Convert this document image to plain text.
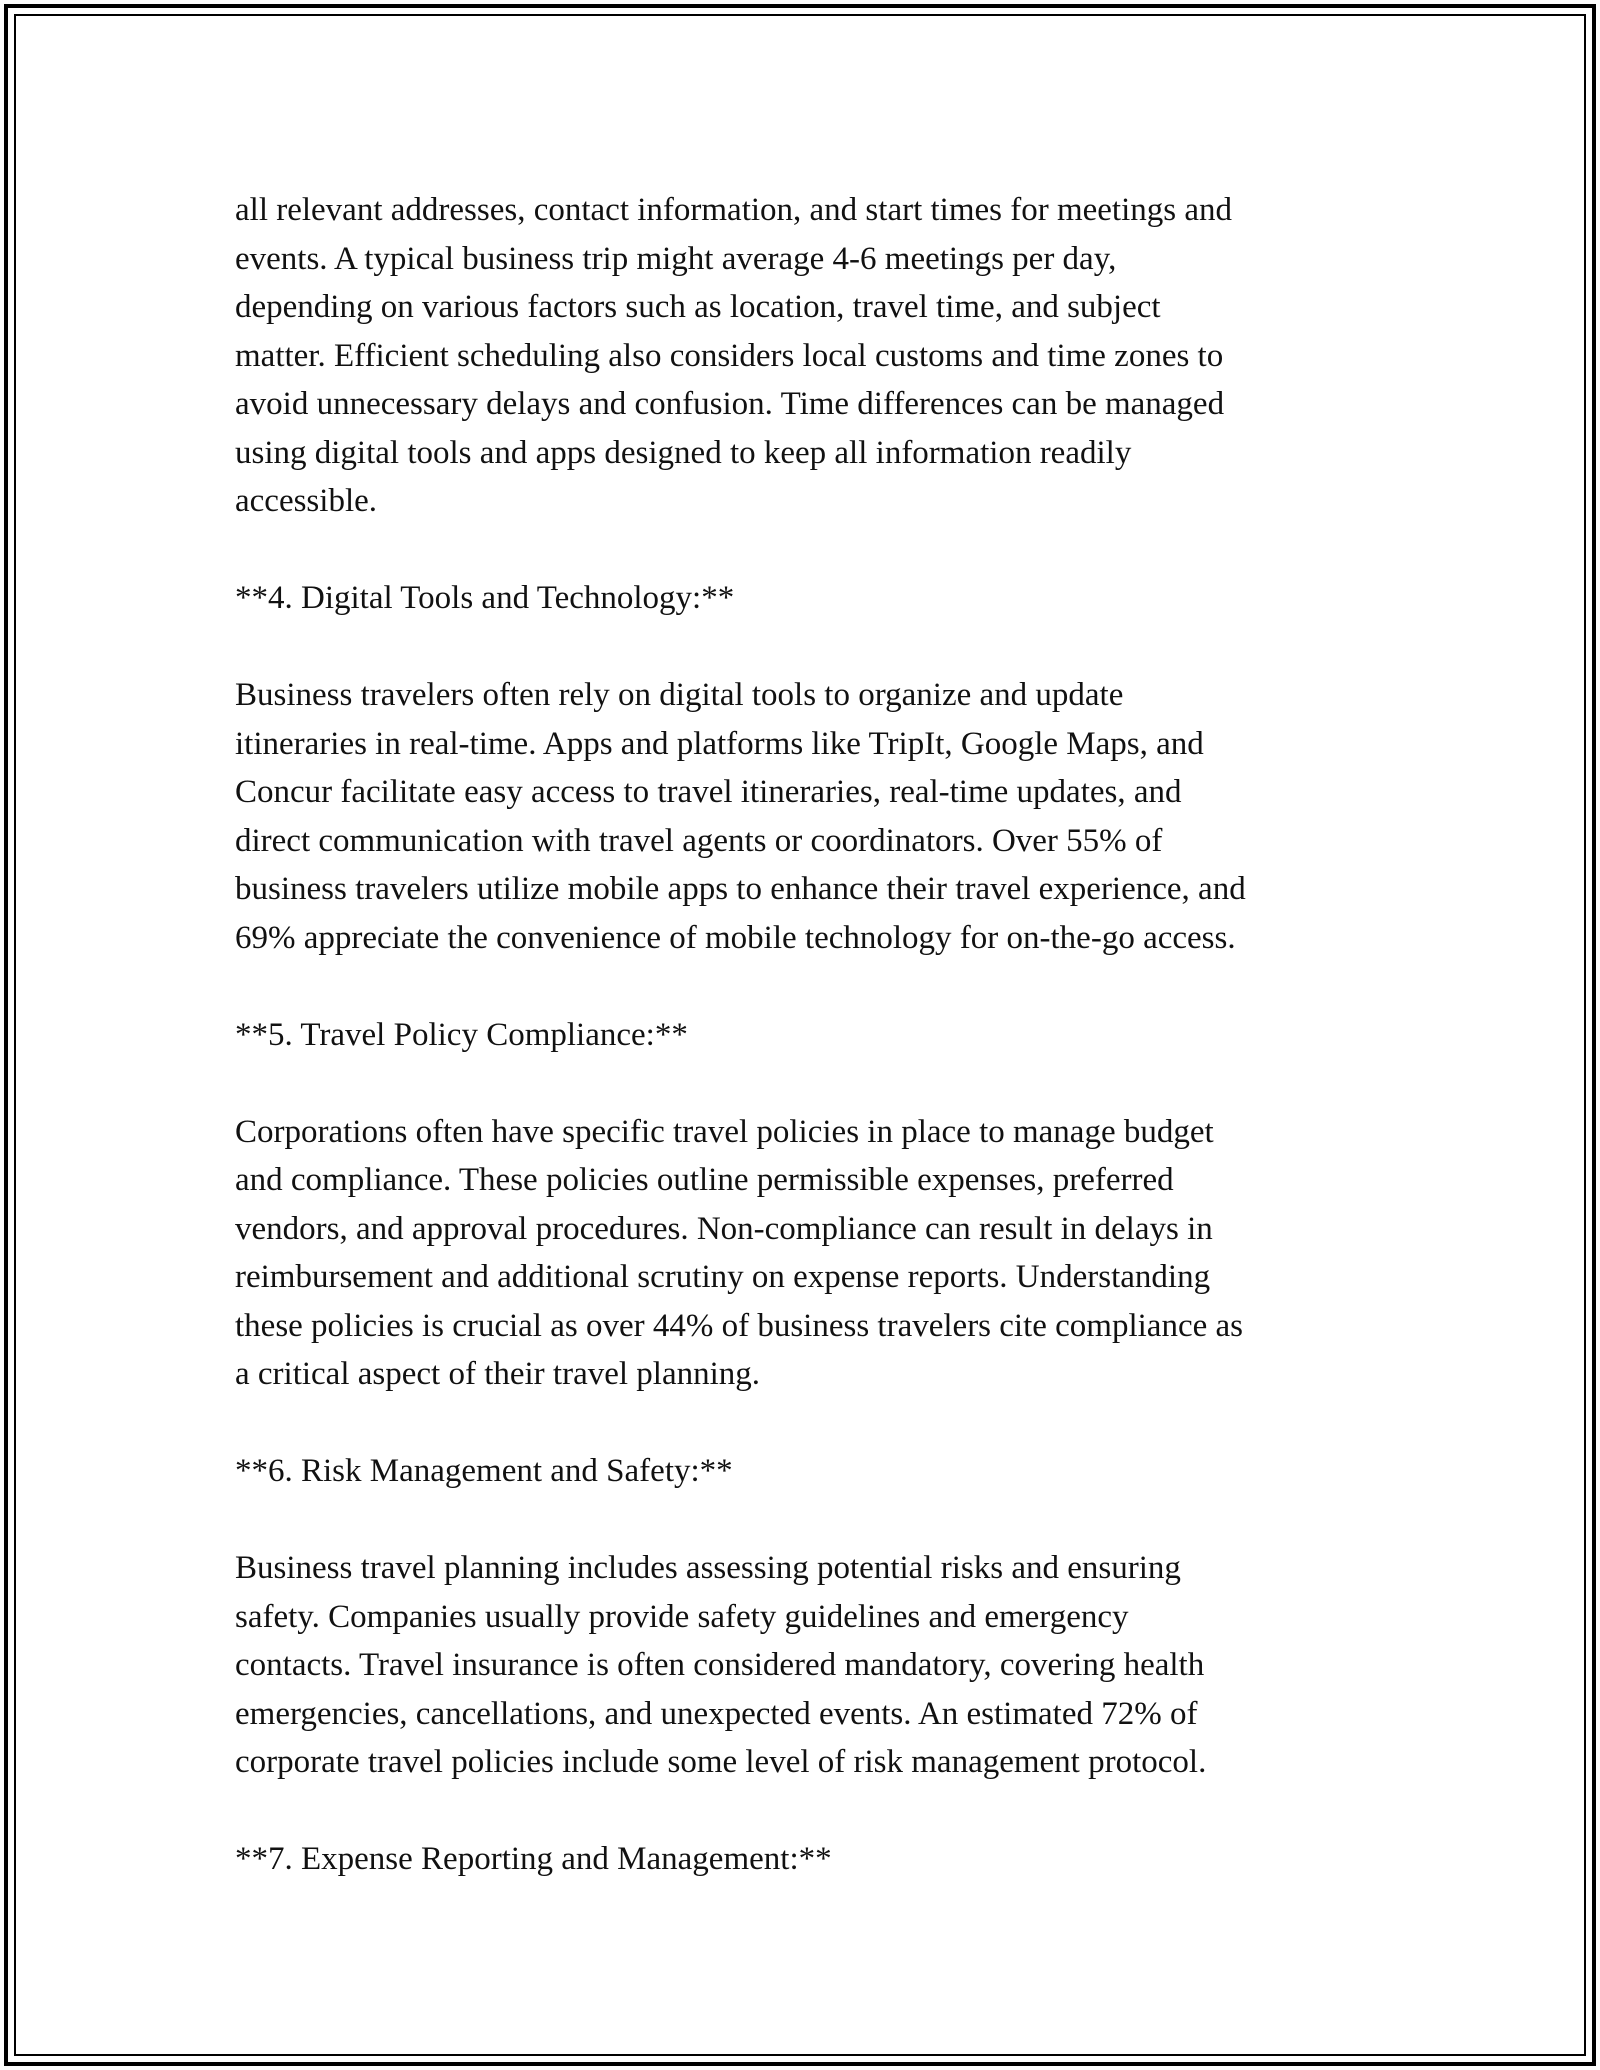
all relevant addresses, contact information, and start times for meetings and
events. A typical business trip might average 4-6 meetings per day,
depending on various factors such as location, travel time, and subject
matter. Efficient scheduling also considers local customs and time zones to
avoid unnecessary delays and confusion. Time differences can be managed
using digital tools and apps designed to keep all information readily
accessible.

**4. Digital Tools and Technology:**

Business travelers often rely on digital tools to organize and update
itineraries in real-time. Apps and platforms like TripIt, Google Maps, and
Concur facilitate easy access to travel itineraries, real-time updates, and
direct communication with travel agents or coordinators. Over 55% of
business travelers utilize mobile apps to enhance their travel experience, and
69% appreciate the convenience of mobile technology for on-the-go access.

**5. Travel Policy Compliance:**

Corporations often have specific travel policies in place to manage budget
and compliance. These policies outline permissible expenses, preferred
vendors, and approval procedures. Non-compliance can result in delays in
reimbursement and additional scrutiny on expense reports. Understanding
these policies is crucial as over 44% of business travelers cite compliance as
a critical aspect of their travel planning.

**6. Risk Management and Safety:**

Business travel planning includes assessing potential risks and ensuring
safety. Companies usually provide safety guidelines and emergency
contacts. Travel insurance is often considered mandatory, covering health
emergencies, cancellations, and unexpected events. An estimated 72% of
corporate travel policies include some level of risk management protocol.

**7. Expense Reporting and Management:**
